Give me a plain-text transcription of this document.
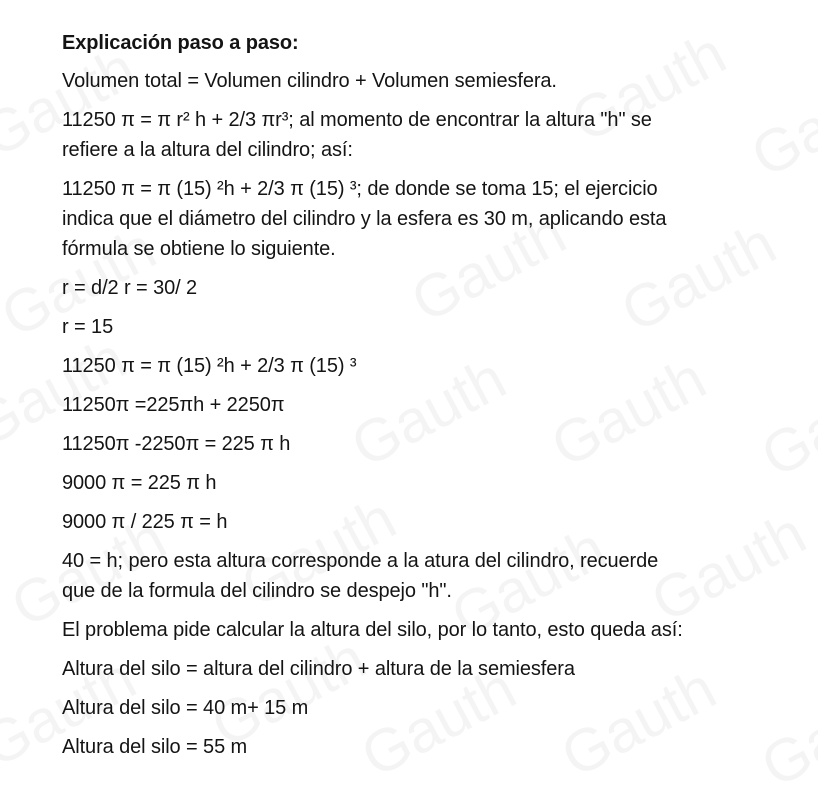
Explicación paso a paso:

Volumen total = Volumen cilindro + Volumen semiesfera.

11250 π = π r² h + 2/3 πr³; al momento de encontrar la altura "h" se

refiere a la altura del cilindro; así:

11250 π = π (15) ²h + 2/3 π (15) ³; de donde se toma 15; el ejercicio

indica que el diámetro del cilindro y la esfera es 30 m, aplicando esta

fórmula se obtiene lo siguiente.

r = d/2 r = 30/ 2

r = 15

11250 π = π (15) ²h + 2/3 π (15) ³

11250π =225πh + 2250π

11250π -2250π = 225 π h

9000 π = 225 π h

9000 π / 225 π = h

40 = h; pero esta altura corresponde a la atura del cilindro, recuerde

que de la formula del cilindro se despejo "h".

El problema pide calcular la altura del silo, por lo tanto, esto queda así:

Altura del silo = altura del cilindro + altura de la semiesfera

Altura del silo = 40 m+ 15 m

Altura del silo = 55 m
